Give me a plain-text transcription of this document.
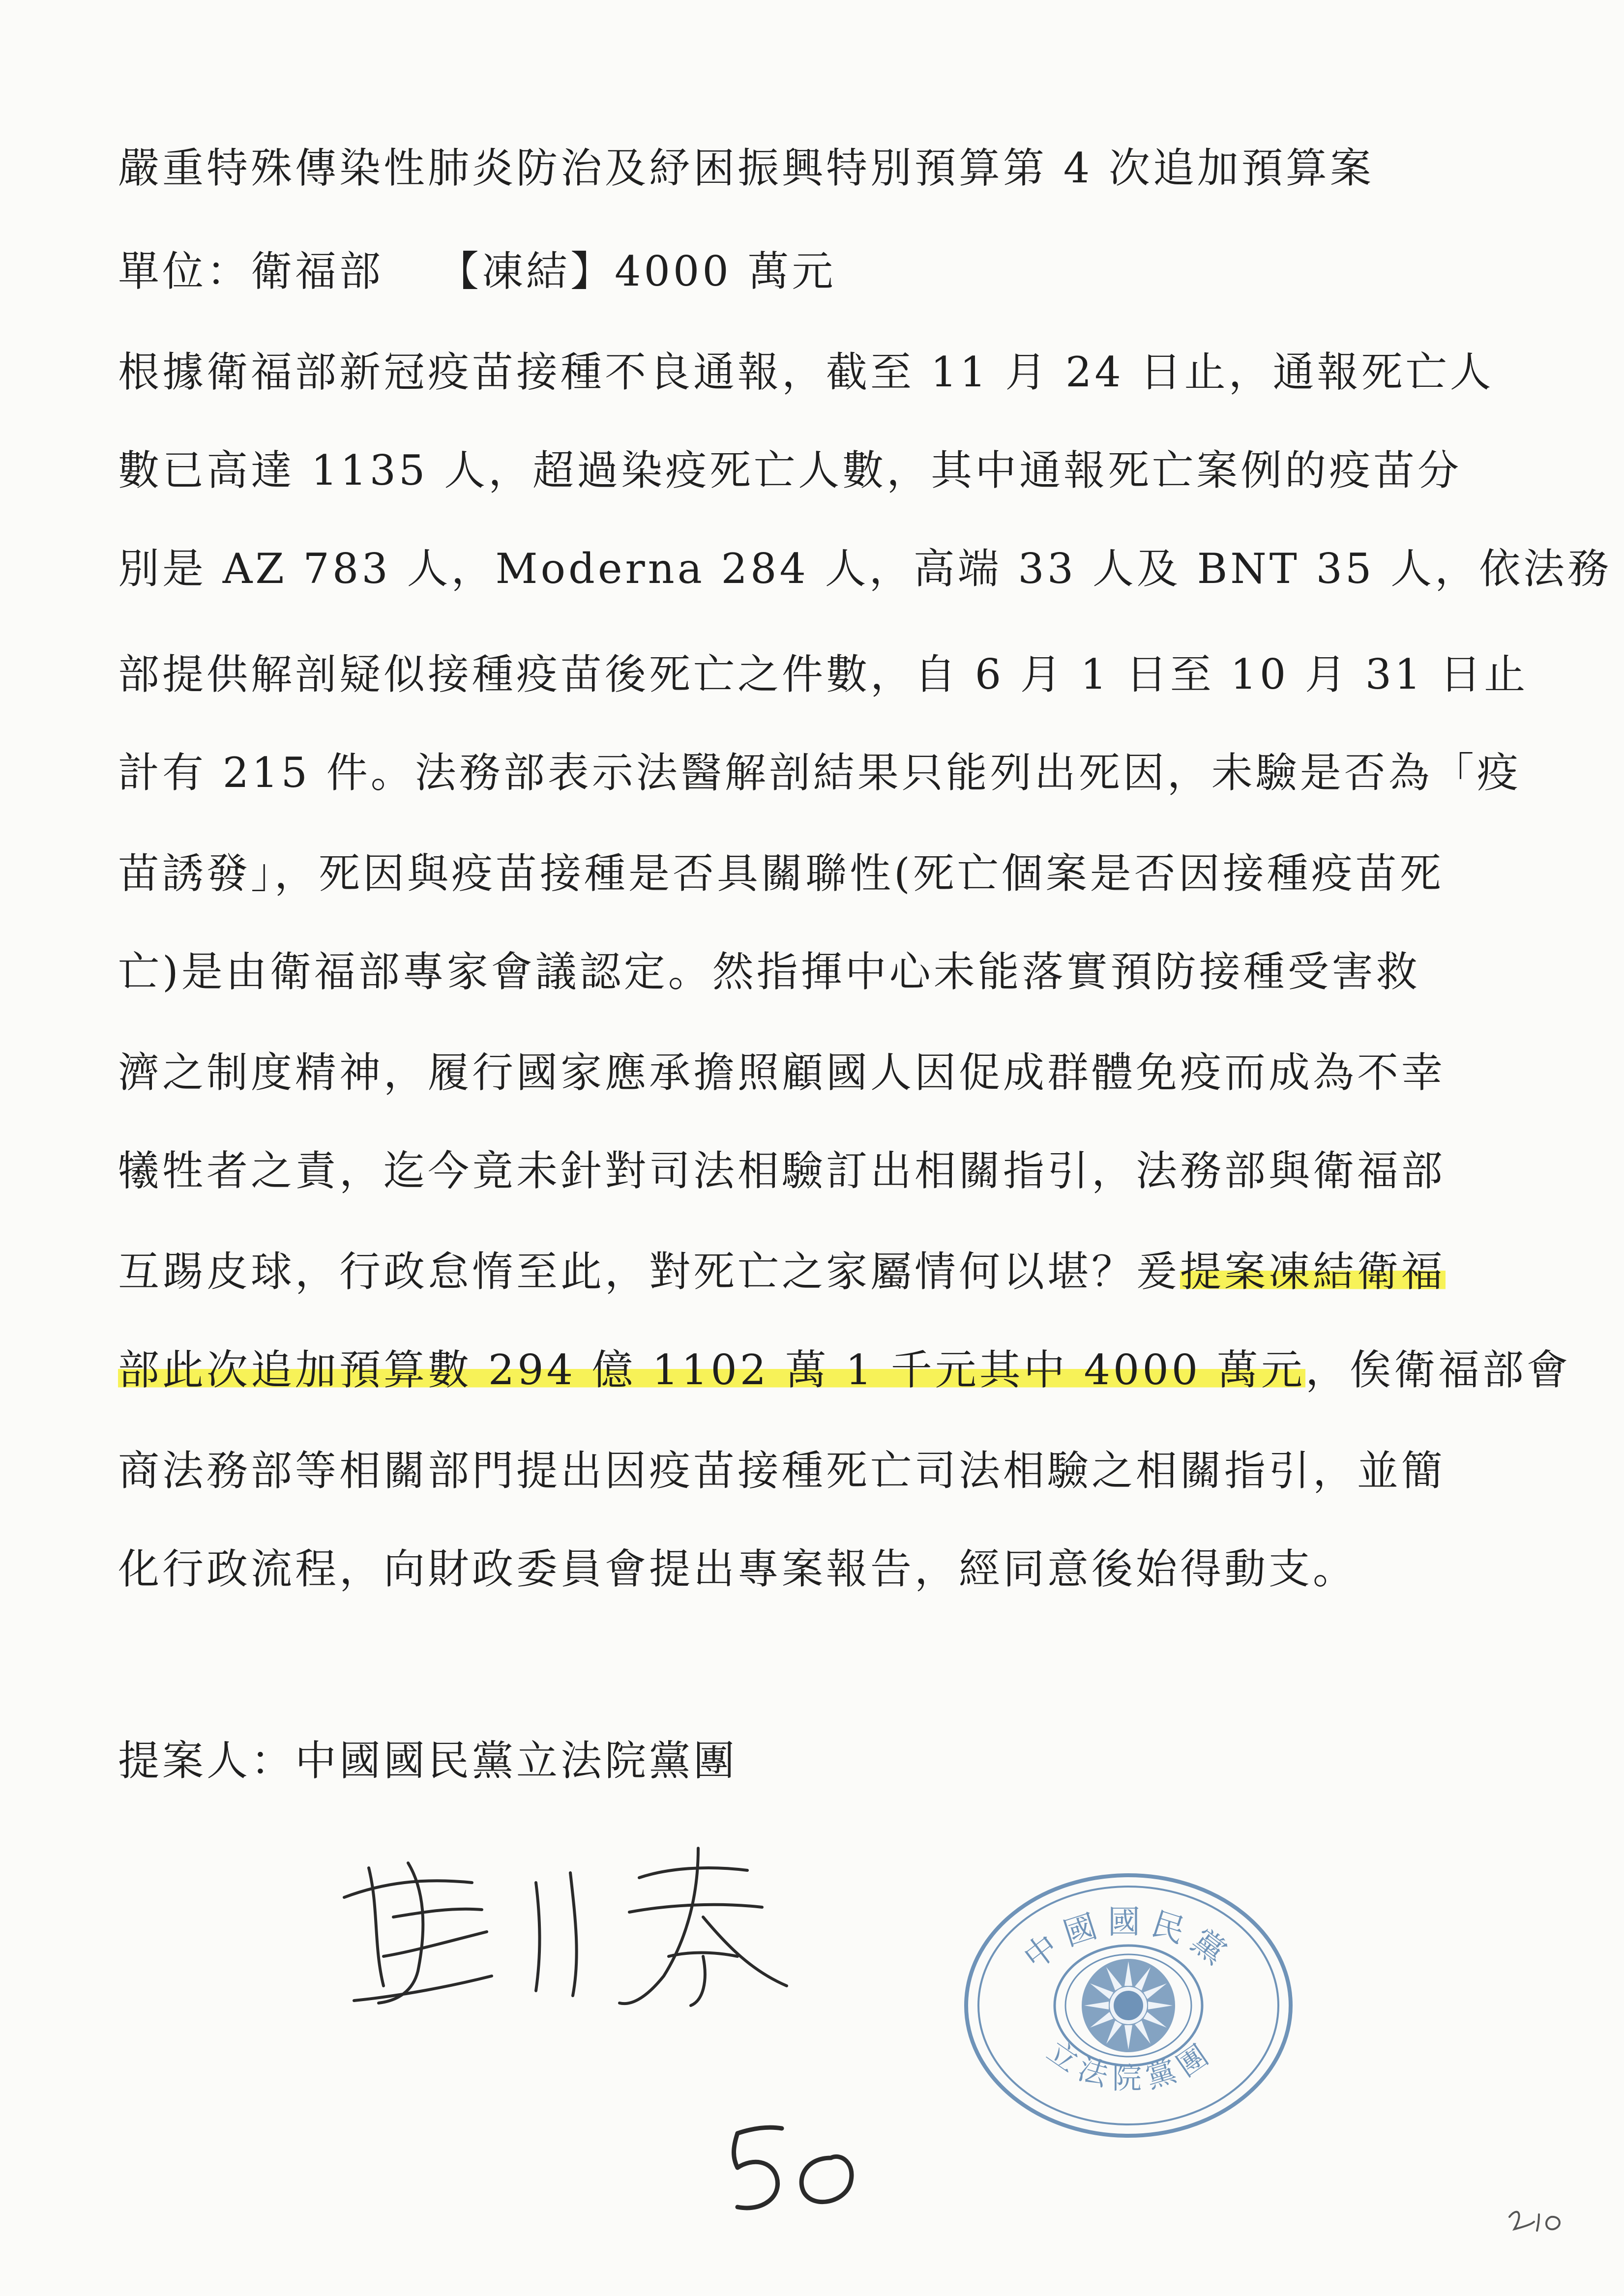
嚴重特殊傳染性肺炎防治及紓困振興特別預算第 4 次追加預算案

單位：衛福部 【凍結】4000 萬元

根據衛福部新冠疫苗接種不良通報，截至 11 月 24 日止，通報死亡人

數已高達 1135 人，超過染疫死亡人數，其中通報死亡案例的疫苗分

別是 AZ 783 人，Moderna 284 人，高端 33 人及 BNT 35 人，依法務

部提供解剖疑似接種疫苗後死亡之件數，自 6 月 1 日至 10 月 31 日止

計有 215 件。法務部表示法醫解剖結果只能列出死因，未驗是否為「疫

苗誘發」，死因與疫苗接種是否具關聯性(死亡個案是否因接種疫苗死

亡)是由衛福部專家會議認定。然指揮中心未能落實預防接種受害救

濟之制度精神，履行國家應承擔照顧國人因促成群體免疫而成為不幸

犧牲者之責，迄今竟未針對司法相驗訂出相關指引，法務部與衛福部

互踢皮球，行政怠惰至此，對死亡之家屬情何以堪？爰提案凍結衛福

部此次追加預算數 294 億 1102 萬 1 千元其中 4000 萬元，俟衛福部會

商法務部等相關部門提出因疫苗接種死亡司法相驗之相關指引，並簡

化行政流程，向財政委員會提出專案報告，經同意後始得動支。

提案人：中國國民黨立法院黨團

中國國民黨
立法院黨團
